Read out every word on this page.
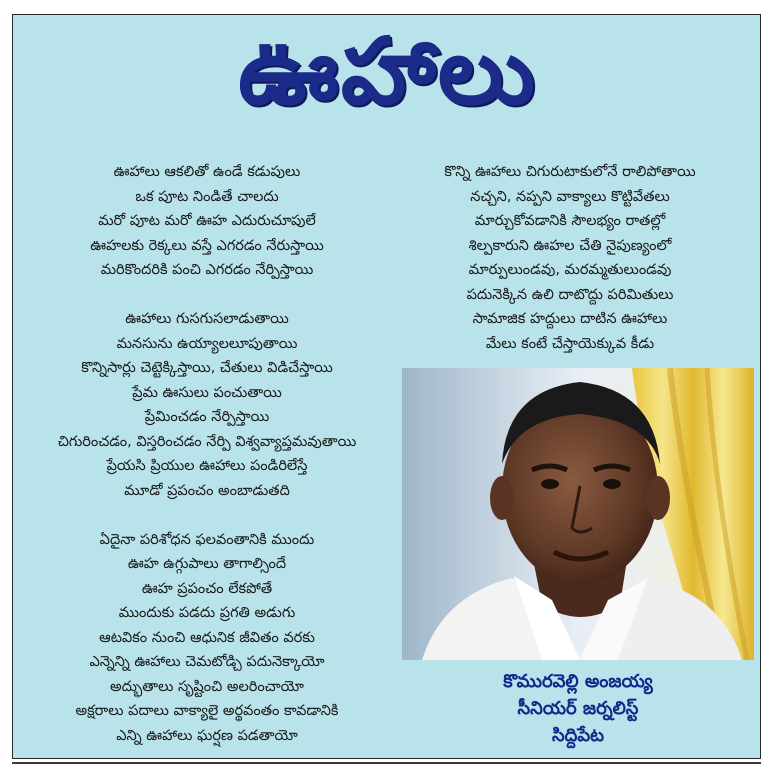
ఊహాలు
ఊహాలు ఆకలితో ఉండే కడుపులు
ఒక పూట నిండితే చాలదు
మరో పూట మరో ఊహ ఎదురుచూపులే
ఊహలకు రెక్కలు వస్తే ఎగరడం నేరుస్తాయి
మరికొందరికి పంచి ఎగరడం నేర్పిస్తాయి
ఊహాలు గుసగుసలాడుతాయి
మనసును ఉయ్యాలలూపుతాయి
కొన్నిసార్లు చెట్టెక్కిస్తాయి, చేతులు విడిచేస్తాయి
ప్రేమ ఊసులు పంచుతాయి
ప్రేమించడం నేర్పిస్తాయి
చిగురించడం, విస్తరించడం నేర్పి విశ్వవ్యాప్తమవుతాయి
ప్రేయసి ప్రియుల ఊహాలు పండిరిలేస్తే
మూడో ప్రపంచం అంబాడుతది
ఏదైనా పరిశోధన ఫలవంతానికి ముందు
ఊహ ఉగ్గుపాలు తాగాల్సిందే
ఊహ ప్రపంచం లేకపోతే
ముందుకు పడదు ప్రగతి అడుగు
ఆటవికం నుంచి ఆధునిక జీవితం వరకు
ఎన్నెన్ని ఊహాలు చెమటోడ్చి పదునెక్కాయో
అద్భుతాలు సృష్టించి అలరించాయో
అక్షరాలు పదాలు వాక్యాలై అర్థవంతం కావడానికి
ఎన్ని ఊహాలు ఘర్షణ పడతాయో
కొన్ని ఊహాలు చిగురుటాకులోనే రాలిపోతాయి
నచ్చని, నప్పని వాక్యాలు కొట్టివేతలు
మార్చుకోవడానికి సౌలభ్యం రాతల్లో
శిల్పకారుని ఊహల చేతి నైపుణ్యంలో
మార్పులుండవు, మరమ్మతులుండవు
పదునెక్కిన ఉలి దాటొద్దు పరిమితులు
సామాజిక హద్దులు దాటిన ఊహాలు
మేలు కంటే చేస్తాయెక్కువ కీడు
కొమురవెల్లి అంజయ్య
సీనియర్ జర్నలిస్ట్
సిద్దిపేట
